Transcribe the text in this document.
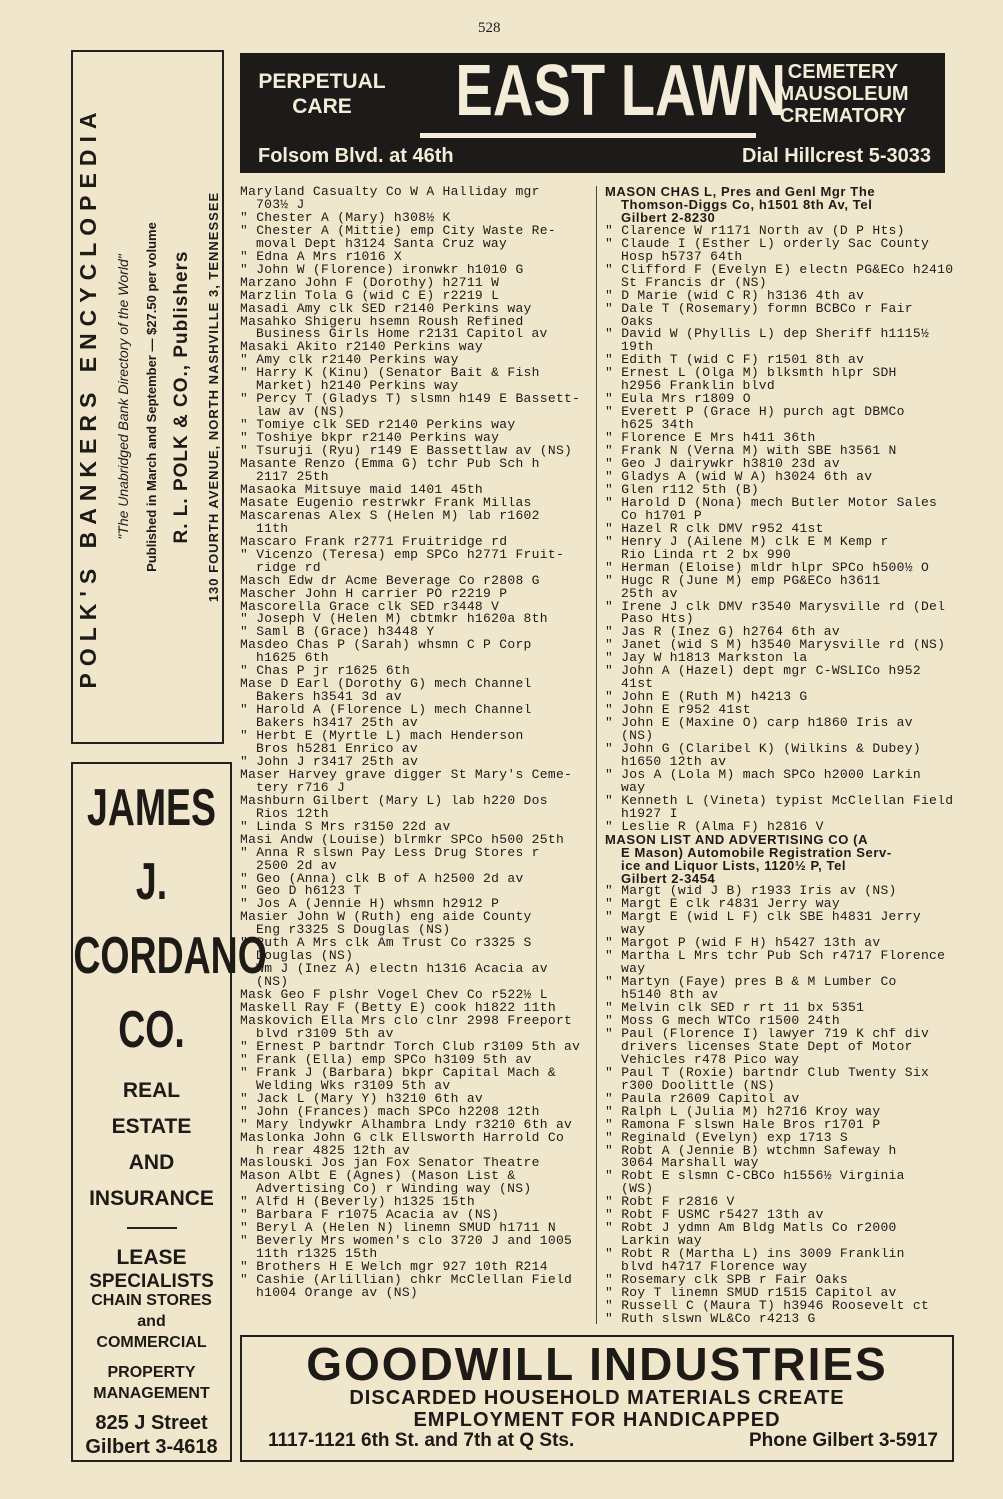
528
POLK'S BANKERS ENCYCLOPEDIA "The Unabridged Bank Directory of the World" Published in March and September — $27.50 per volume R. L. POLK & CO., Publishers 130 FOURTH AVENUE, NORTH NASHVILLE 3, TENNESSEE
JAMES
J.
CORDANO
CO.
REAL
ESTATE
AND
INSURANCE
LEASE
SPECIALISTS
CHAIN STORES
and
COMMERCIAL
PROPERTY
MANAGEMENT
825 J Street
Gilbert 3-4618
PERPETUAL
CARE	EAST LAWN CEMETERY
MAUSOLEUM
CREMATORY
Folsom Blvd. at 46th	Dial Hillcrest 5-3033
Maryland Casualty Co W A Halliday mgr
703½ J
" Chester A (Mary) h308½ K
" Chester A (Mittie) emp City Waste Re-
moval Dept h3124 Santa Cruz way
" Edna A Mrs r1016 X
" John W (Florence) ironwkr h1010 G
Marzano John F (Dorothy) h2711 W
Marzlin Tola G (wid C E) r2219 L
Masadi Amy clk SED r2140 Perkins way
Masahko Shigeru hsemn Roush Refined
Business Girls Home r2131 Capitol av
Masaki Akito r2140 Perkins way
" Amy clk r2140 Perkins way
" Harry K (Kinu) (Senator Bait & Fish
Market) h2140 Perkins way
" Percy T (Gladys T) slsmn h149 E Bassett-
law av (NS)
" Tomiye clk SED r2140 Perkins way
" Toshiye bkpr r2140 Perkins way
" Tsuruji (Ryu) r149 E Bassettlaw av (NS)
Masante Renzo (Emma G) tchr Pub Sch h
2117 25th
Masaoka Mitsuye maid 1401 45th
Masate Eugenio restrwkr Frank Millas
Mascarenas Alex S (Helen M) lab r1602
11th
Mascaro Frank r2771 Fruitridge rd
" Vicenzo (Teresa) emp SPCo h2771 Fruit-
ridge rd
Masch Edw dr Acme Beverage Co r2808 G
Mascher John H carrier PO r2219 P
Mascorella Grace clk SED r3448 V
" Joseph V (Helen M) cbtmkr h1620a 8th
" Saml B (Grace) h3448 Y
Masdeo Chas P (Sarah) whsmn C P Corp
h1625 6th
" Chas P jr r1625 6th
Mase D Earl (Dorothy G) mech Channel
Bakers h3541 3d av
" Harold A (Florence L) mech Channel
Bakers h3417 25th av
" Herbt E (Myrtle L) mach Henderson
Bros h5281 Enrico av
" John J r3417 25th av
Maser Harvey grave digger St Mary's Ceme-
tery r716 J
Mashburn Gilbert (Mary L) lab h220 Dos
Rios 12th
" Linda S Mrs r3150 22d av
Masi Andw (Louise) blrmkr SPCo h500 25th
" Anna R slswn Pay Less Drug Stores r
2500 2d av
" Geo (Anna) clk B of A h2500 2d av
" Geo D h6123 T
" Jos A (Jennie H) whsmn h2912 P
Masier John W (Ruth) eng aide County
Eng r3325 S Douglas (NS)
" Ruth A Mrs clk Am Trust Co r3325 S
Douglas (NS)
" Wm J (Inez A) electn h1316 Acacia av
(NS)
Mask Geo F plshr Vogel Chev Co r522½ L
Maskell Ray F (Betty E) cook h1822 11th
Maskovich Ella Mrs clo clnr 2998 Freeport
blvd r3109 5th av
" Ernest P bartndr Torch Club r3109 5th av
" Frank (Ella) emp SPCo h3109 5th av
" Frank J (Barbara) bkpr Capital Mach &
Welding Wks r3109 5th av
" Jack L (Mary Y) h3210 6th av
" John (Frances) mach SPCo h2208 12th
" Mary lndywkr Alhambra Lndy r3210 6th av
Maslonka John G clk Ellsworth Harrold Co
h rear 4825 12th av
Maslouski Jos jan Fox Senator Theatre
Mason Albt E (Agnes) (Mason List &
Advertising Co) r Winding way (NS)
" Alfd H (Beverly) h1325 15th
" Barbara F r1075 Acacia av (NS)
" Beryl A (Helen N) linemn SMUD h1711 N
" Beverly Mrs women's clo 3720 J and 1005
11th r1325 15th
" Brothers H E Welch mgr 927 10th R214
" Cashie (Arlillian) chkr McClellan Field
h1004 Orange av (NS)
MASON CHAS L, Pres and Genl Mgr The
Thomson-Diggs Co, h1501 8th Av, Tel
Gilbert 2-8230
" Clarence W r1171 North av (D P Hts)
" Claude I (Esther L) orderly Sac County
Hosp h5737 64th
" Clifford F (Evelyn E) electn PG&ECo h2410
St Francis dr (NS)
" D Marie (wid C R) h3136 4th av
" Dale T (Rosemary) formn BCBCo r Fair
Oaks
" David W (Phyllis L) dep Sheriff h1115½
19th
" Edith T (wid C F) r1501 8th av
" Ernest L (Olga M) blksmth hlpr SDH
h2956 Franklin blvd
" Eula Mrs r1809 O
" Everett P (Grace H) purch agt DBMCo
h625 34th
" Florence E Mrs h411 36th
" Frank N (Verna M) with SBE h3561 N
" Geo J dairywkr h3810 23d av
" Gladys A (wid W A) h3024 6th av
" Glen r112 5th (B)
" Harold D (Nona) mech Butler Motor Sales
Co h1701 P
" Hazel R clk DMV r952 41st
" Henry J (Ailene M) clk E M Kemp r
Rio Linda rt 2 bx 990
" Herman (Eloise) mldr hlpr SPCo h500½ O
" Hugc R (June M) emp PG&ECo h3611
25th av
" Irene J clk DMV r3540 Marysville rd (Del
Paso Hts)
" Jas R (Inez G) h2764 6th av
" Janet (wid S M) h3540 Marysville rd (NS)
" Jay W h1813 Markston la
" John A (Hazel) dept mgr C-WSLICo h952
41st
" John E (Ruth M) h4213 G
" John E r952 41st
" John E (Maxine O) carp h1860 Iris av
(NS)
" John G (Claribel K) (Wilkins & Dubey)
h1650 12th av
" Jos A (Lola M) mach SPCo h2000 Larkin
way
" Kenneth L (Vineta) typist McClellan Field
h1927 I
" Leslie R (Alma F) h2816 V
MASON LIST AND ADVERTISING CO (A
E Mason) Automobile Registration Serv-
ice and Liquor Lists, 1120½ P, Tel
Gilbert 2-3454
" Margt (wid J B) r1933 Iris av (NS)
" Margt E clk r4831 Jerry way
" Margt E (wid L F) clk SBE h4831 Jerry
way
" Margot P (wid F H) h5427 13th av
" Martha L Mrs tchr Pub Sch r4717 Florence
way
" Martyn (Faye) pres B & M Lumber Co
h5140 8th av
" Melvin clk SED r rt 11 bx 5351
" Moss G mech WTCo r1500 24th
" Paul (Florence I) lawyer 719 K chf div
drivers licenses State Dept of Motor
Vehicles r478 Pico way
" Paul T (Roxie) bartndr Club Twenty Six
r300 Doolittle (NS)
" Paula r2609 Capitol av
" Ralph L (Julia M) h2716 Kroy way
" Ramona F slswn Hale Bros r1701 P
" Reginald (Evelyn) exp 1713 S
" Robt A (Jennie B) wtchmn Safeway h
3064 Marshall way
" Robt E slsmn C-CBCo h1556½ Virginia
(WS)
" Robt F r2816 V
" Robt F USMC r5427 13th av
" Robt J ydmn Am Bldg Matls Co r2000
Larkin way
" Robt R (Martha L) ins 3009 Franklin
blvd h4717 Florence way
" Rosemary clk SPB r Fair Oaks
" Roy T linemn SMUD r1515 Capitol av
" Russell C (Maura T) h3946 Roosevelt ct
" Ruth slswn WL&Co r4213 G
GOODWILL INDUSTRIES
DISCARDED HOUSEHOLD MATERIALS CREATE
EMPLOYMENT FOR HANDICAPPED
1117-1121 6th St. and 7th at Q Sts.	Phone Gilbert 3-5917
